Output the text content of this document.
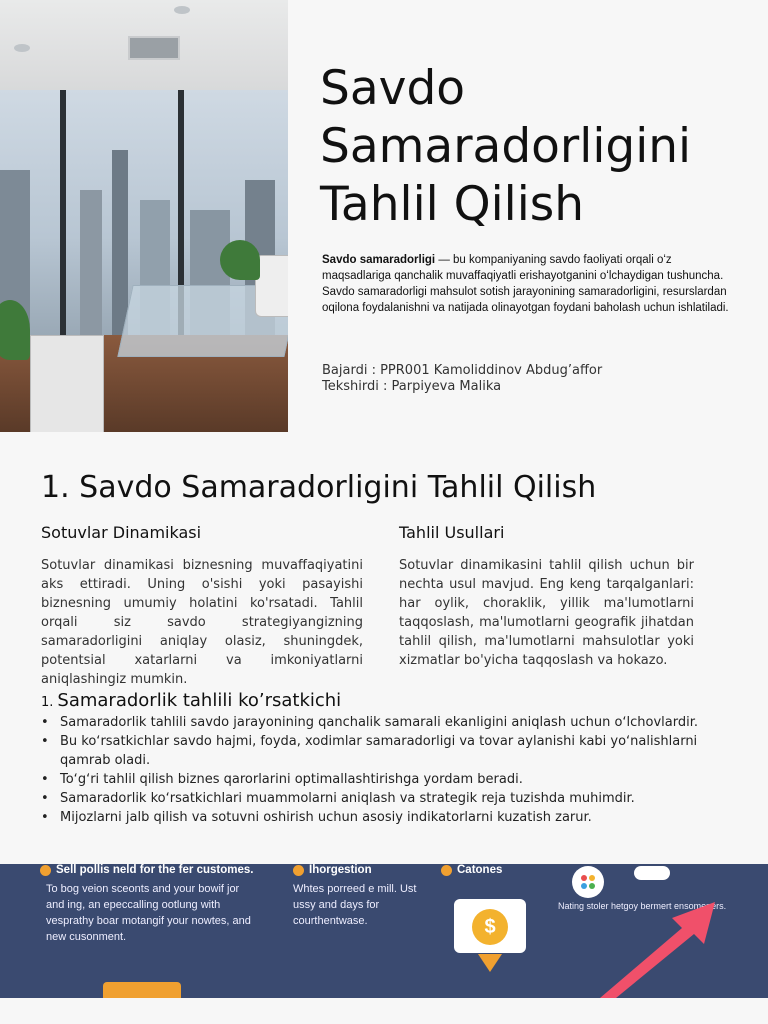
Savdo Samaradorligini Tahlil Qilish

Savdo samaradorligi — bu kompaniyaning savdo faoliyati orqali oʻz maqsadlariga qanchalik muvaffaqiyatli erishayotganini oʻlchaydigan tushuncha. Savdo samaradorligi mahsulot sotish jarayonining samaradorligini, resurslardan oqilona foydalanishni va natijada olinayotgan foydani baholash uchun ishlatiladi.

Bajardi : PPR001 Kamoliddinov Abdug’affor
Tekshirdi : Parpiyeva Malika
1. Savdo Samaradorligini Tahlil Qilish
Sotuvlar Dinamikasi

Sotuvlar dinamikasi biznesning muvaffaqiyatini aks ettiradi. Uning o'sishi yoki pasayishi biznesning umumiy holatini ko'rsatadi. Tahlil orqali siz savdo strategiyangizning samaradorligini aniqlay olasiz, shuningdek, potentsial xatarlarni va imkoniyatlarni aniqlashingiz mumkin.

Tahlil Usullari

Sotuvlar dinamikasini tahlil qilish uchun bir nechta usul mavjud. Eng keng tarqalganlari: har oylik, choraklik, yillik ma'lumotlarni taqqoslash, ma'lumotlarni geografik jihatdan tahlil qilish, ma'lumotlarni mahsulotlar yoki xizmatlar bo'yicha taqqoslash va hokazo.

1. Samaradorlik tahlili ko’rsatkichi
• Samaradorlik tahlili savdo jarayonining qanchalik samarali ekanligini aniqlash uchun oʻlchovlardir.
• Bu koʻrsatkichlar savdo hajmi, foyda, xodimlar samaradorligi va tovar aylanishi kabi yoʻnalishlarni qamrab oladi.
• Toʻgʻri tahlil qilish biznes qarorlarini optimallashtirishga yordam beradi.
• Samaradorlik koʻrsatkichlari muammolarni aniqlash va strategik reja tuzishda muhimdir.
• Mijozlarni jalb qilish va sotuvni oshirish uchun asosiy indikatorlarni kuzatish zarur.
Sell pollis neld for the fer customes.
To bog veion sceonts and your bowif jor and ing, an epeccalling ootlung with vesprathy boar motangif your nowtes, and new cusonment.
Ihorgestion
Whtes porreed e mill. Ust ussy and days for courthentwase.
Catones
$
Nating stoler hetgoy bermert ensomeners.
